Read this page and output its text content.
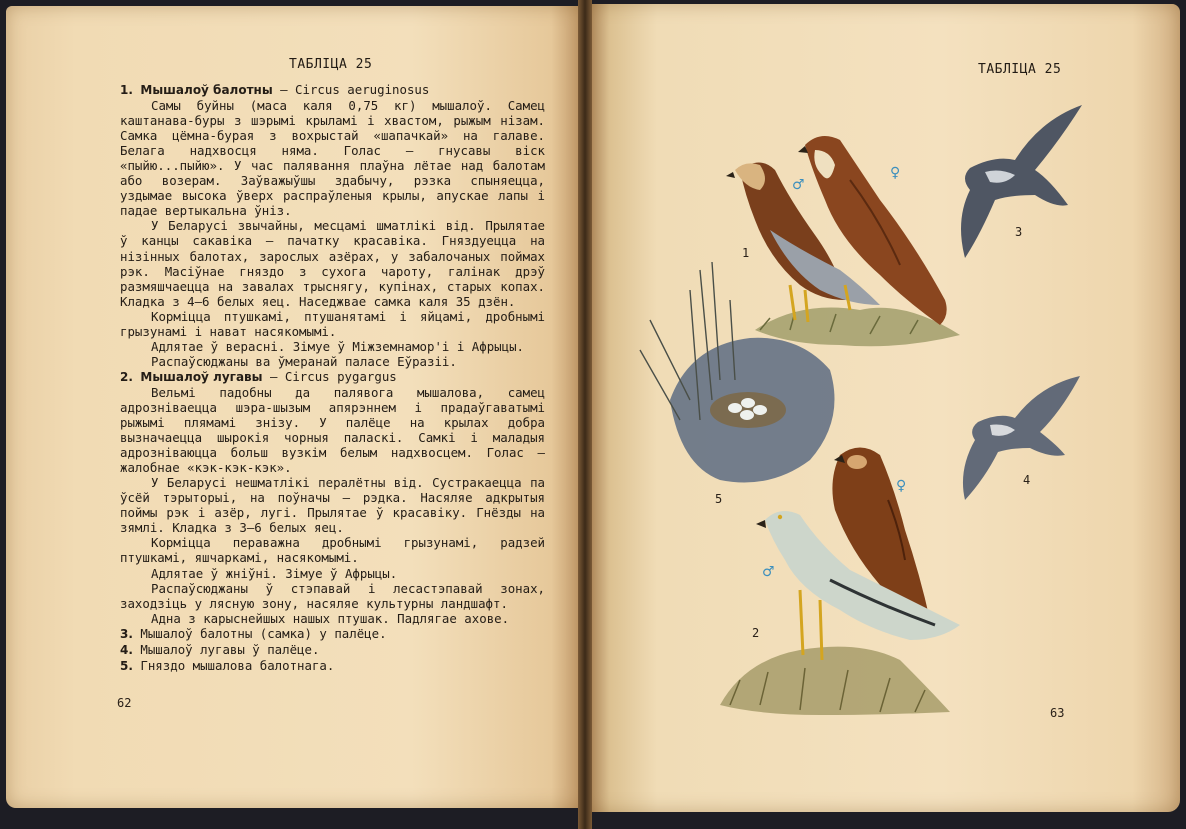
ТАБЛІЦА 25

1. Мышалоў балотны — Circus aeruginosus

Самы буйны (маса каля 0,75 кг) мышалоў. Самец каштанава-буры з шэрымі крыламі і хвастом, рыжым нізам. Самка цёмна-бурая з вохрыстай «шапачкай» на галаве. Белага надхвосця няма. Голас — гнусавы віск «пыйю...пыйю». У час палявання плаўна лётае над балотам або возерам. Заўважыўшы здабычу, рэзка спыняецца, уздымае высока ўверх распраўленыя крылы, апускае лапы і падае вертыкальна ўніз.

У Беларусі звычайны, месцамі шматлікі від. Прылятае ў канцы сакавіка — пачатку красавіка. Гняздуецца на нізінных балотах, зарослых азёрах, у забалочаных поймах рэк. Масіўнае гняздо з сухога чароту, галінак дрэў размяшчаецца на завалах трыснягу, купінах, старых копах. Кладка з 4—6 белых яец. Наседжвае самка каля 35 дзён.

Корміцца птушкамі, птушанятамі і яйцамі, дробнымі грызунамі і нават насякомымі.

Адлятае ў верасні. Зімуе ў Міжземнамор'і і Афрыцы.

Распаўсюджаны ва ўмеранай паласе Еўразіі.

2. Мышалоў лугавы — Circus pygargus

Вельмі падобны да палявога мышалова, самец адрозніваецца шэра-шызым апярэннем і прадаўгаватымі рыжымі плямамі знізу. У палёце на крылах добра вызначаецца шырокія чорныя паласкі. Самкі і маладыя адрозніваюцца больш вузкім белым надхвосцем. Голас — жалобнае «кэк-кэк-кэк».

У Беларусі нешматлікі пералётны від. Сустракаецца па ўсёй тэрыторыі, на поўначы — рэдка. Насяляе адкрытыя поймы рэк і азёр, лугі. Прылятае ў красавіку. Гнёзды на зямлі. Кладка з 3—6 белых яец.

Корміцца пераважна дробнымі грызунамі, радзей птушкамі, яшчаркамі, насякомымі.

Адлятае ў жніўні. Зімуе ў Афрыцы.

Распаўсюджаны ў стэпавай і лесастэпавай зонах, заходзіць у лясную зону, насяляе культурны ландшафт.

Адна з карыснейшых нашых птушак. Падлягае ахове.

3. Мышалоў балотны (самка) у палёце.

4. Мышалоў лугавы ў палёце.

5. Гняздо мышалова балотнага.

62
ТАБЛІЦА 25
63
♂
♀
♀
♂
1
3
4
5
2
